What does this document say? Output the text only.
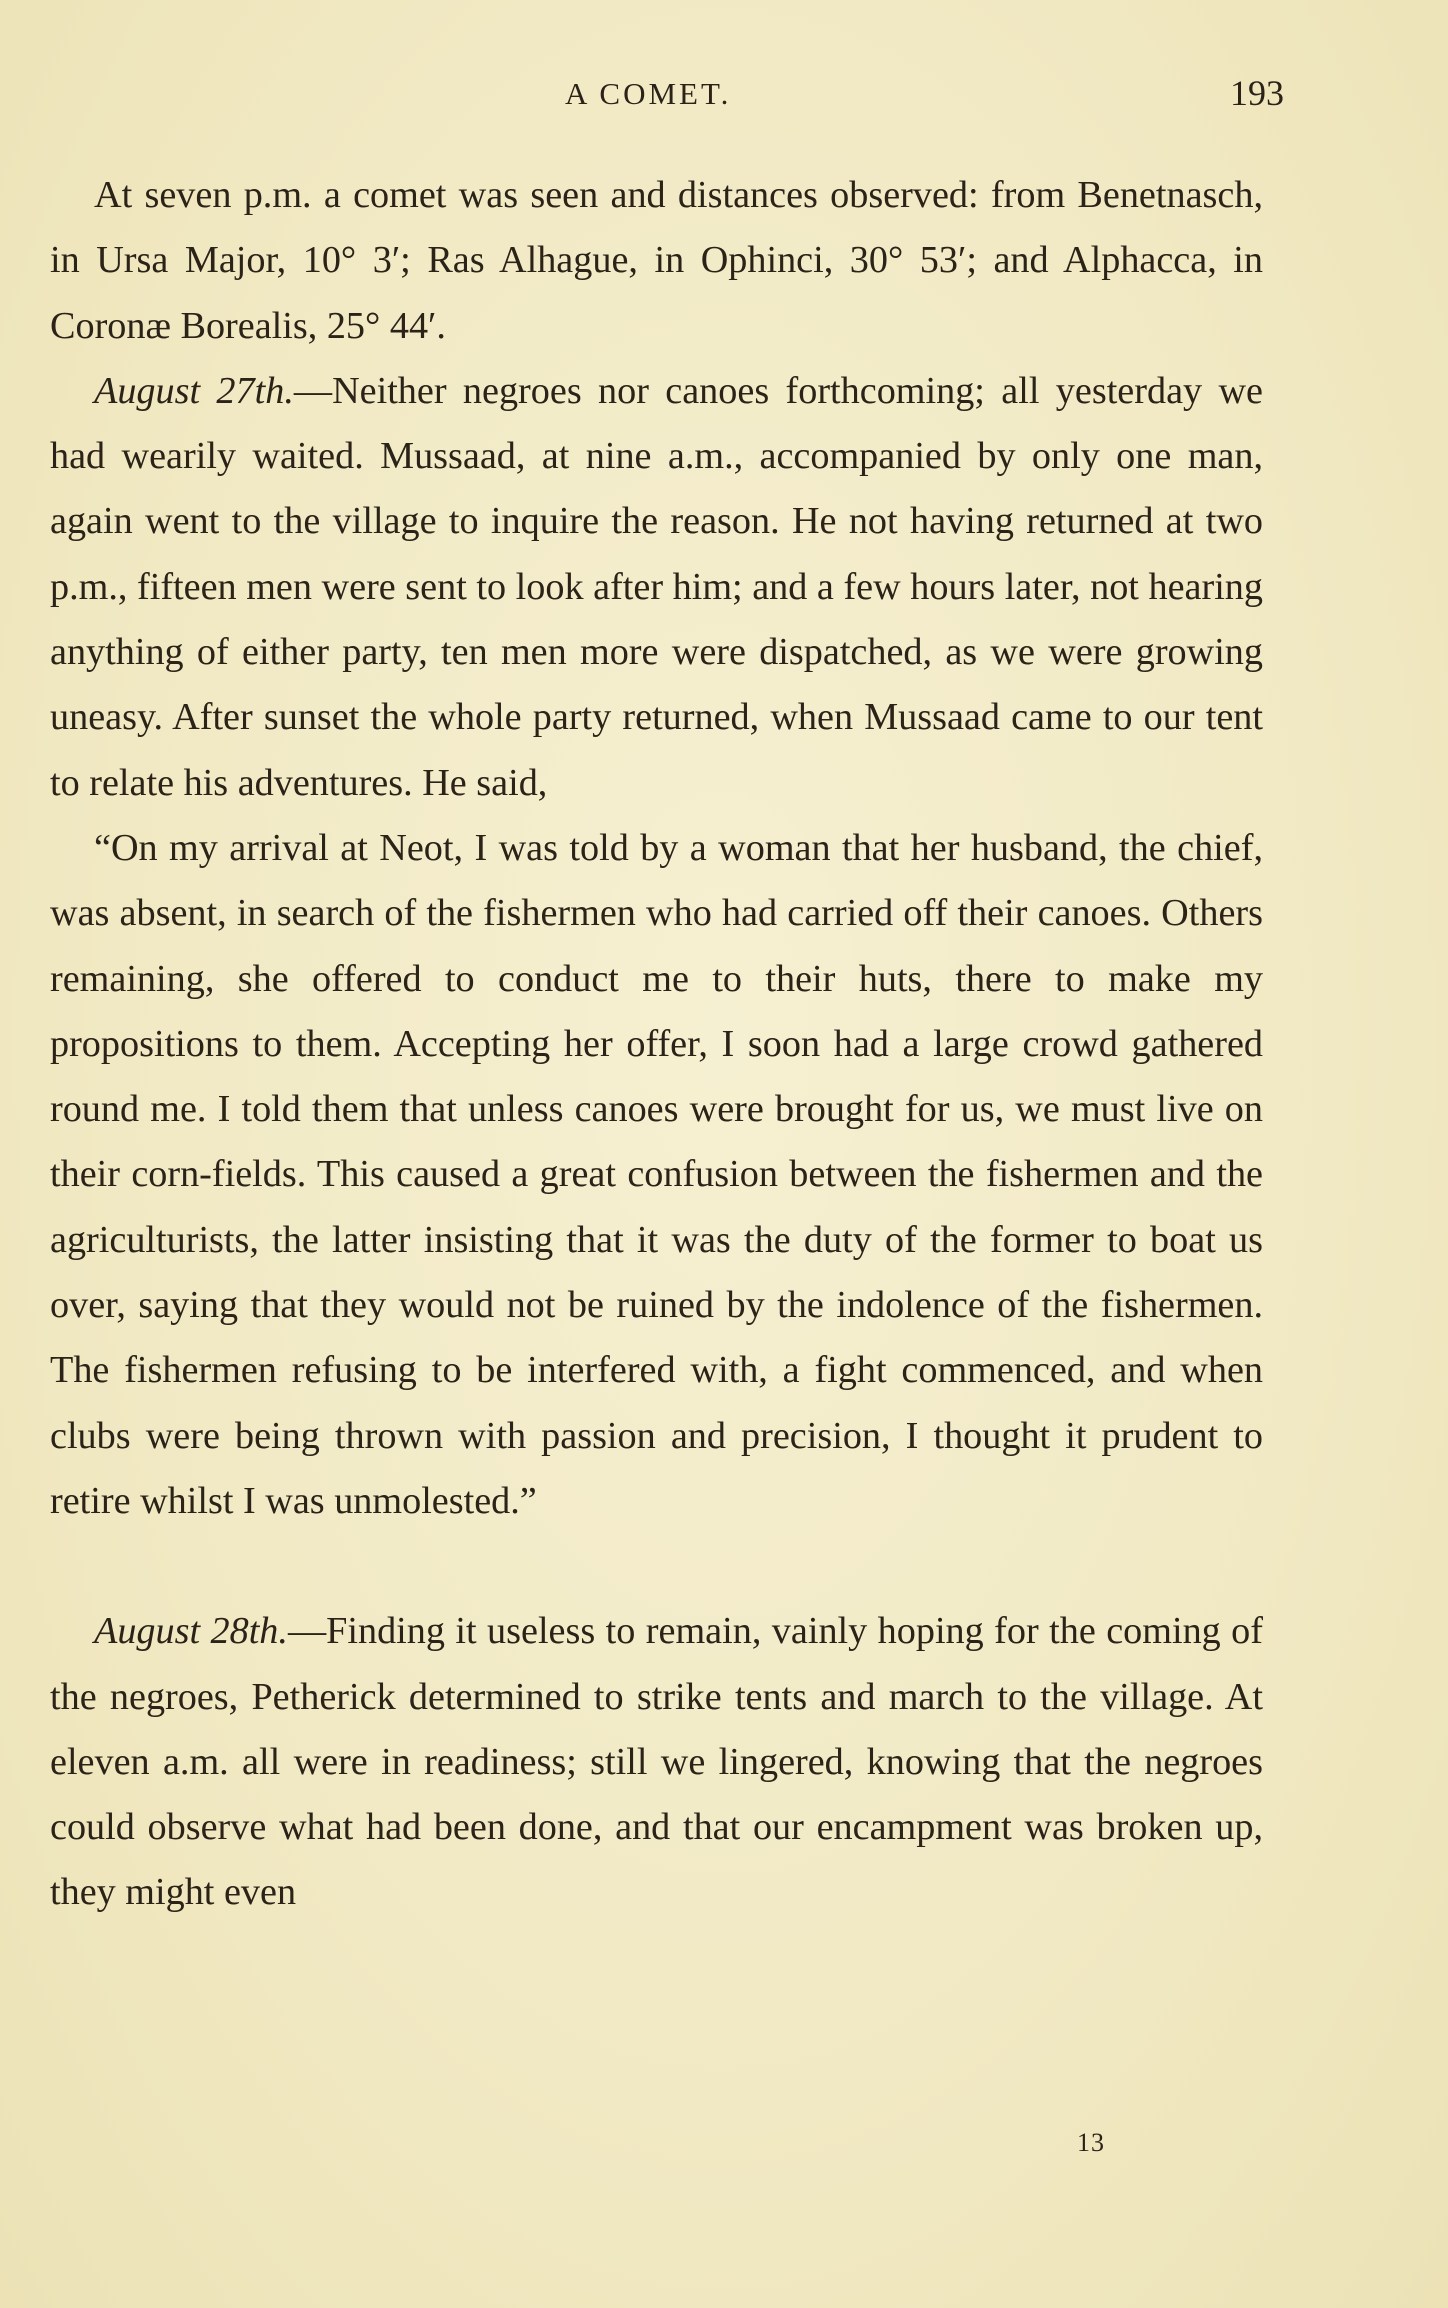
A COMET.	193

At seven p.m. a comet was seen and distances observed: from Benetnasch, in Ursa Major, 10° 3′; Ras Alhague, in Ophinci, 30° 53′; and Alphacca, in Coronæ Borealis, 25° 44′.

August 27th.—Neither negroes nor canoes forthcoming; all yesterday we had wearily waited. Mussaad, at nine a.m., accompanied by only one man, again went to the village to inquire the reason. He not having returned at two p.m., fifteen men were sent to look after him; and a few hours later, not hearing anything of either party, ten men more were dispatched, as we were growing uneasy. After sunset the whole party returned, when Mussaad came to our tent to relate his adventures. He said,

“On my arrival at Neot, I was told by a woman that her husband, the chief, was absent, in search of the fishermen who had carried off their canoes. Others remaining, she offered to conduct me to their huts, there to make my propositions to them. Accepting her offer, I soon had a large crowd gathered round me. I told them that unless canoes were brought for us, we must live on their corn-fields. This caused a great confusion between the fishermen and the agriculturists, the latter insisting that it was the duty of the former to boat us over, saying that they would not be ruined by the indolence of the fishermen. The fishermen refusing to be interfered with, a fight commenced, and when clubs were being thrown with passion and precision, I thought it prudent to retire whilst I was unmolested.”

August 28th.—Finding it useless to remain, vainly hoping for the coming of the negroes, Petherick determined to strike tents and march to the village. At eleven a.m. all were in readiness; still we lingered, knowing that the negroes could observe what had been done, and that our encampment was broken up, they might even

13
